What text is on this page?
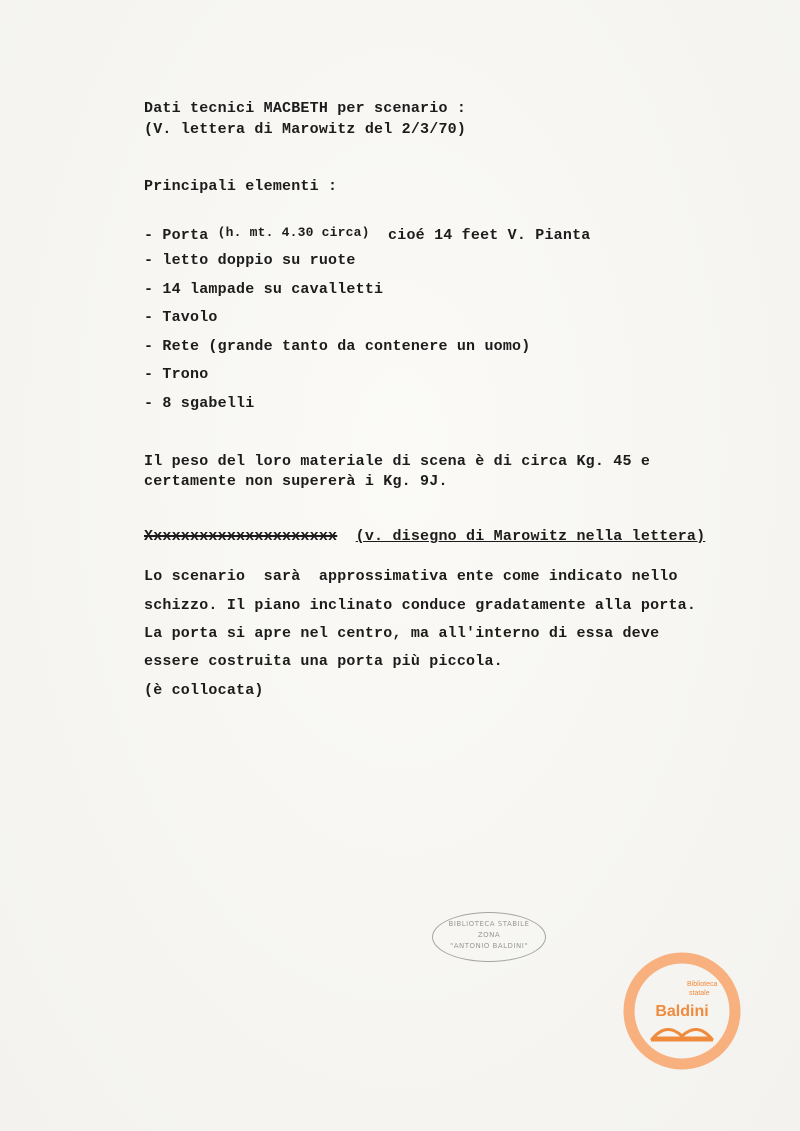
Dati tecnici MACBETH per scenario :
(V. lettera di Marowitz del 2/3/70)
Principali elementi :
- Porta (h. mt. 4.30 circa)  cioé 14 feet V. Pianta
- letto doppio su ruote
- 14 lampade su cavalletti
- Tavolo
- Rete (grande tanto da contenere un uomo)
- Trono
- 8 sgabelli
Il peso del loro materiale di scena è di circa Kg. 45 e
certamente non supererà i Kg. 9J.
Xxxxxxxxxxxxxxxxxxxxx (v. disegno di Marowitz nella lettera)
Lo scenario  sarà  approssimativa ente come indicato nello
schizzo. Il piano inclinato conduce gradatamente alla porta.
La porta si apre nel centro, ma all'interno di essa deve
essere costruita una porta più piccola.
(è collocata)
BIBLIOTECA STABILE
ZONA
"ANTONIO BALDINI"
Biblioteca
statale
Baldini
